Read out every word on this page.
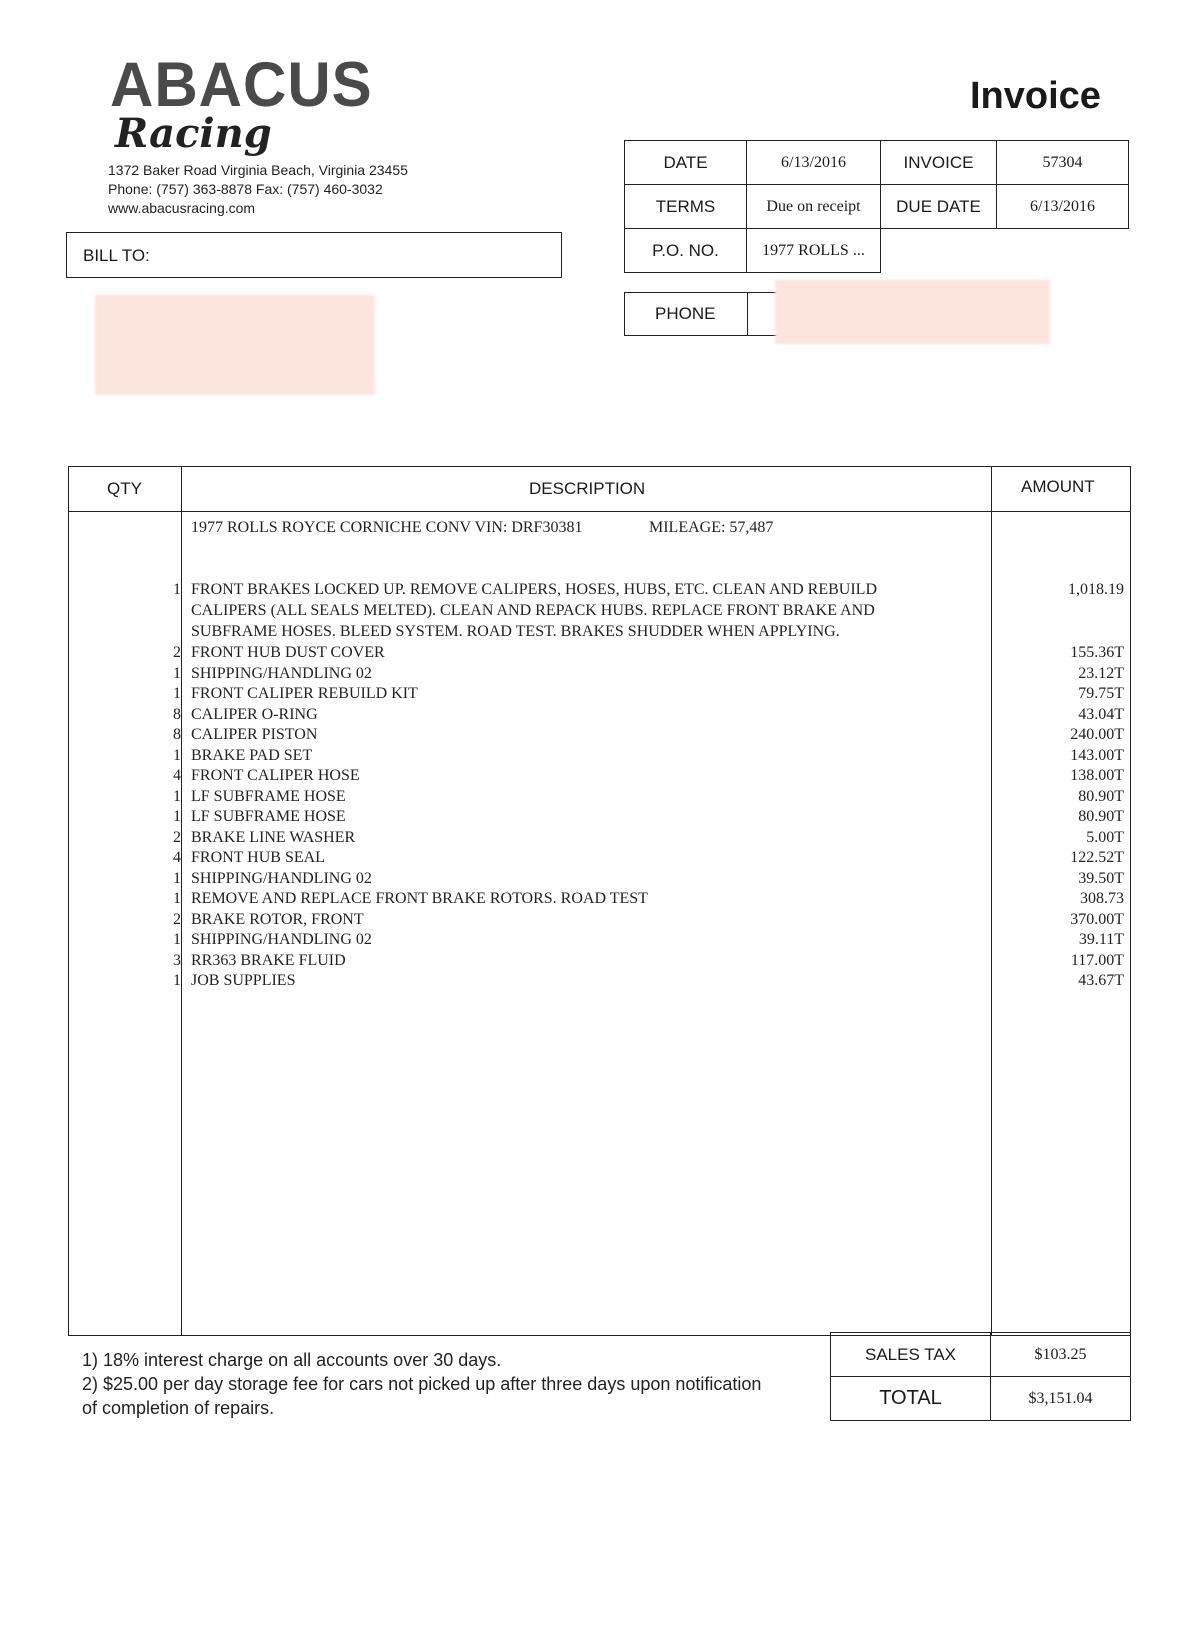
ABACUS
Racing
1372 Baker Road Virginia Beach, Virginia 23455
Phone: (757) 363-8878 Fax: (757) 460-3032
www.abacusracing.com
Invoice
BILL TO:
DATE	6/13/2016	INVOICE	57304
TERMS	Due on receipt	DUE DATE	6/13/2016
P.O. NO.	1977 ROLLS ...		
PHONE
QTY	DESCRIPTION	AMOUNT
1977 ROLLS ROYCE CORNICHE CONV VIN: DRF30381	MILEAGE: 57,487
1 FRONT BRAKES LOCKED UP. REMOVE CALIPERS, HOSES, HUBS, ETC. CLEAN AND REBUILD	1,018.19
CALIPERS (ALL SEALS MELTED). CLEAN AND REPACK HUBS. REPLACE FRONT BRAKE AND
SUBFRAME HOSES. BLEED SYSTEM. ROAD TEST. BRAKES SHUDDER WHEN APPLYING.
2 FRONT HUB DUST COVER	155.36T
1 SHIPPING/HANDLING 02	23.12T
1 FRONT CALIPER REBUILD KIT	79.75T
8 CALIPER O-RING	43.04T
8 CALIPER PISTON	240.00T
1 BRAKE PAD SET	143.00T
4 FRONT CALIPER HOSE	138.00T
1 LF SUBFRAME HOSE	80.90T
1 LF SUBFRAME HOSE	80.90T
2 BRAKE LINE WASHER	5.00T
4 FRONT HUB SEAL	122.52T
1 SHIPPING/HANDLING 02	39.50T
1 REMOVE AND REPLACE FRONT BRAKE ROTORS. ROAD TEST	308.73
2 BRAKE ROTOR, FRONT	370.00T
1 SHIPPING/HANDLING 02	39.11T
3 RR363 BRAKE FLUID	117.00T
1 JOB SUPPLIES	43.67T
1) 18% interest charge on all accounts over 30 days.
2) $25.00 per day storage fee for cars not picked up after three days upon notification
of completion of repairs.
SALES TAX	$103.25
TOTAL	$3,151.04
